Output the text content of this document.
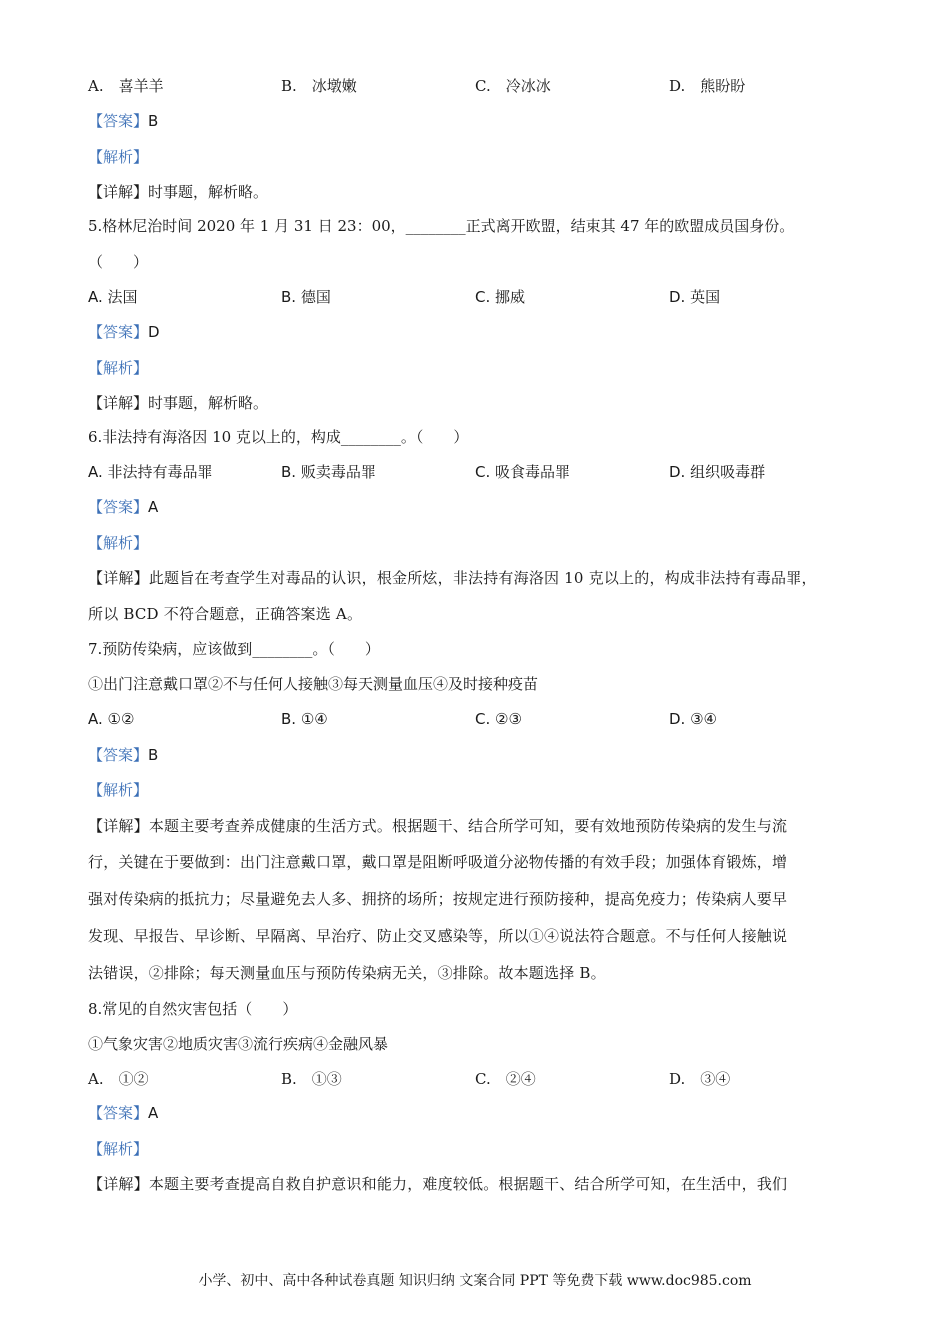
A.　喜羊羊	B.　冰墩嫩	C.　冷冰冰	D.　熊盼盼
【答案】B
【解析】
【详解】时事题，解析略。
5.格林尼治时间 2020 年 1 月 31 日 23：00，________正式离开欧盟，结束其 47 年的欧盟成员国身份。
（　　）
A. 法国	B. 德国	C. 挪威	D. 英国
【答案】D
【解析】
【详解】时事题，解析略。
6.非法持有海洛因 10 克以上的，构成________。（　　）
A. 非法持有毒品罪	B. 贩卖毒品罪	C. 吸食毒品罪	D. 组织吸毒群
【答案】A
【解析】
【详解】此题旨在考查学生对毒品的认识，根金所炫，非法持有海洛因 10 克以上的，构成非法持有毒品罪，
所以 BCD 不符合题意，正确答案选 A。
7.预防传染病，应该做到________。（　　）
①出门注意戴口罩②不与任何人接触③每天测量血压④及时接种疫苗
A. ①②	B. ①④	C. ②③	D. ③④
【答案】B
【解析】
【详解】本题主要考查养成健康的生活方式。根据题干、结合所学可知，要有效地预防传染病的发生与流
行，关键在于要做到：出门注意戴口罩，戴口罩是阻断呼吸道分泌物传播的有效手段；加强体育锻炼，增
强对传染病的抵抗力；尽量避免去人多、拥挤的场所；按规定进行预防接种，提高免疫力；传染病人要早
发现、早报告、早诊断、早隔离、早治疗、防止交叉感染等，所以①④说法符合题意。不与任何人接触说
法错误，②排除；每天测量血压与预防传染病无关，③排除。故本题选择 B。
8.常见的自然灾害包括（　　）
①气象灾害②地质灾害③流行疾病④金融风暴
A.　①②	B.　①③	C.　②④	D.　③④
【答案】A
【解析】
【详解】本题主要考查提高自救自护意识和能力，难度较低。根据题干、结合所学可知，在生活中，我们
小学、初中、高中各种试卷真题 知识归纳 文案合同 PPT 等免费下载 www.doc985.com
